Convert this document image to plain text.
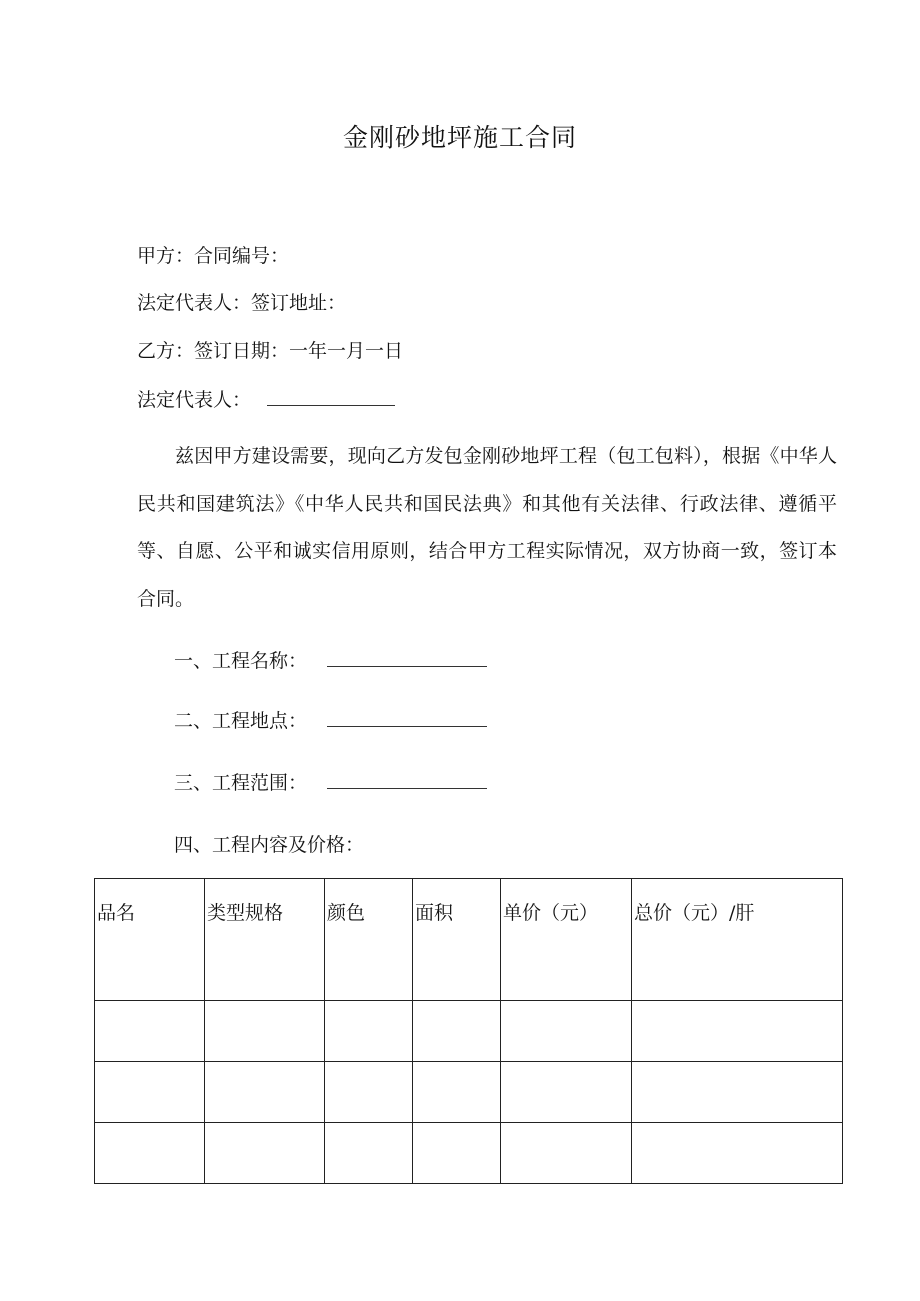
金刚砂地坪施工合同
甲方：合同编号：
法定代表人：签订地址：
乙方：签订日期：一年一月一日
法定代表人：
兹因甲方建设需要，现向乙方发包金刚砂地坪工程（包工包料），根据《中华人民共和国建筑法》《中华人民共和国民法典》和其他有关法律、行政法律、遵循平等、自愿、公平和诚实信用原则，结合甲方工程实际情况，双方协商一致，签订本合同。
一、工程名称：
二、工程地点：
三、工程范围：
四、工程内容及价格：
品名	类型规格	颜色	面积	单价（元）	总价（元）/肝
